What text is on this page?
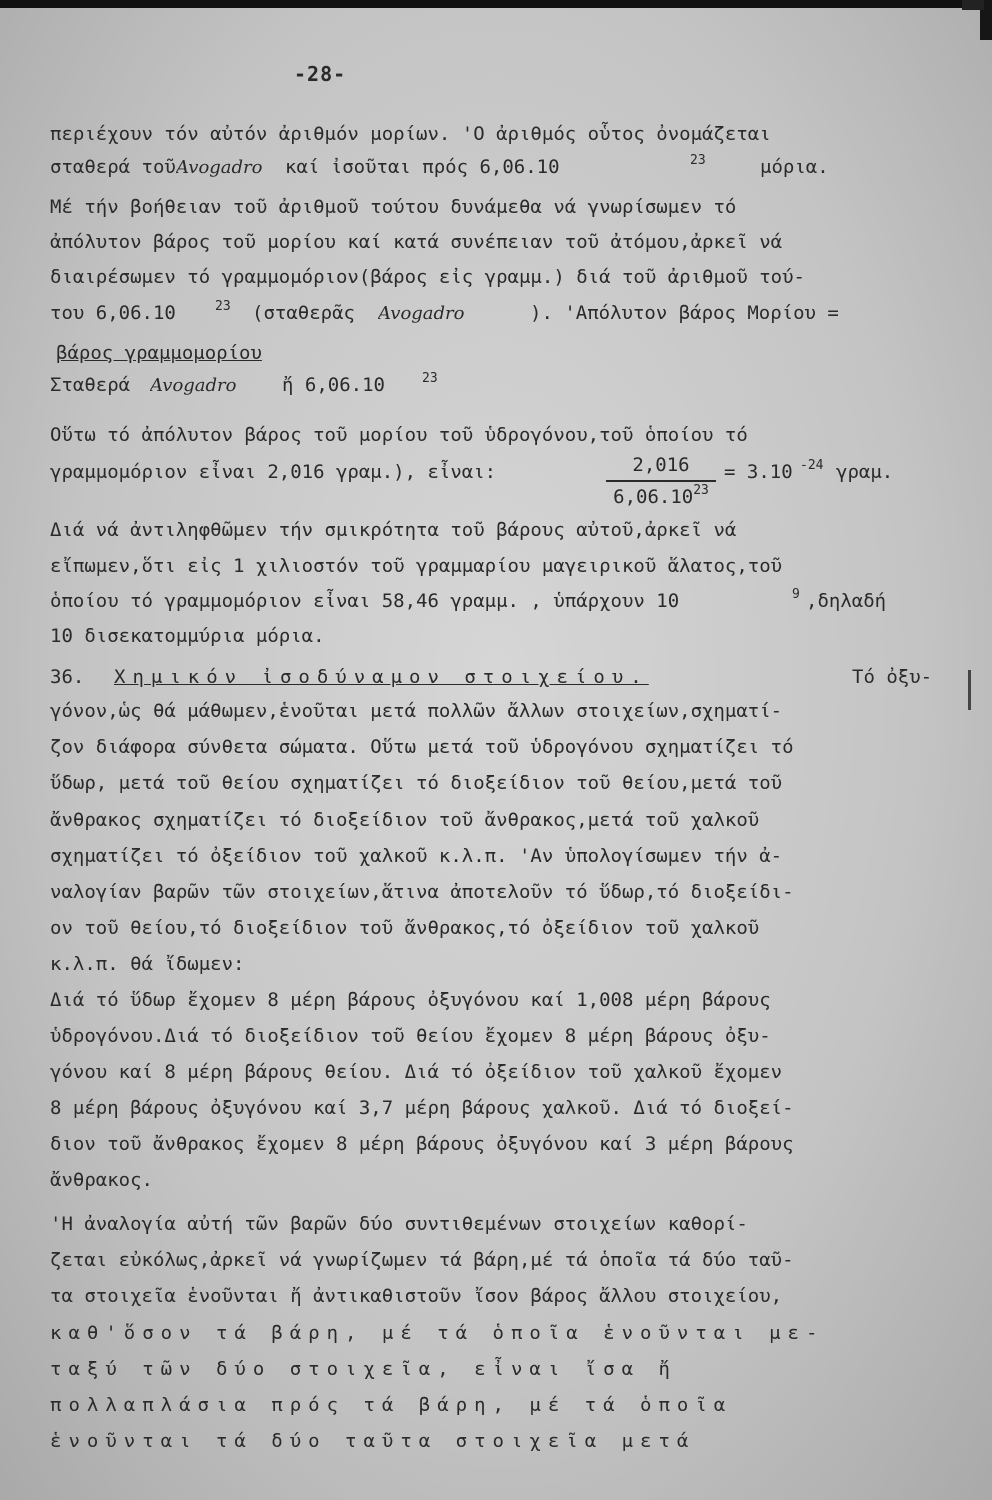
-28-
περιέχουν τόν αὐτόν ἀριθμόν μορίων. 'Ο ἀριθμός οὗτος ὀνομάζεται
σταθερά τοῦ Avogadro	καί ἰσοῦται πρός 6,06.10	$^{23}$	μόρια.
Μέ τήν βοήθειαν τοῦ ἀριθμοῦ τούτου δυνάμεθα νά γνωρίσωμεν τό
ἀπόλυτον βάρος τοῦ μορίου καί κατά συνέπειαν τοῦ ἀτόμου,ἀρκεῖ νά
διαιρέσωμεν τό γραμμομόριον(βάρος εἰς γραμμ.) διά τοῦ ἀριθμοῦ τού-
του 6,06.10	$^{23}$	(σταθερᾶς	Avogadro	). 'Απόλυτον βάρος Μορίου =
βάρος γραμμομορίου
Σταθερά	Avogadro	ἤ 6,06.10	$^{23}$
Οὕτω τό ἀπόλυτον βάρος τοῦ μορίου τοῦ ὑδρογόνου,τοῦ ὁποίου τό
γραμμομόριον εἶναι 2,016 γραμ.), εἶναι:	= 3.10 $^{-24}$ γραμ.
Διά νά ἀντιληφθῶμεν τήν σμικρότητα τοῦ βάρους αὐτοῦ,ἀρκεῖ νά
εἴπωμεν,ὅτι εἰς 1 χιλιοστόν τοῦ γραμμαρίου μαγειρικοῦ ἅλατος,τοῦ
ὁποίου τό γραμμομόριον εἶναι 58,46 γραμμ. , ὑπάρχουν 10	$^9$ ,δηλαδή
10 δισεκατομμύρια μόρια.
36.	Χημικόν ἰσοδύναμον στοιχείου.	Τό ὀξυ-
γόνον,ὡς θά μάθωμεν,ἑνοῦται μετά πολλῶν ἄλλων στοιχείων,σχηματί-
ζον διάφορα σύνθετα σώματα. Οὕτω μετά τοῦ ὑδρογόνου σχηματίζει τό
ὕδωρ, μετά τοῦ θείου σχηματίζει τό διοξείδιον τοῦ θείου,μετά τοῦ
ἄνθρακος σχηματίζει τό διοξείδιον τοῦ ἄνθρακος,μετά τοῦ χαλκοῦ
σχηματίζει τό ὀξείδιον τοῦ χαλκοῦ κ.λ.π. 'Αν ὑπολογίσωμεν τήν ἀ-
ναλογίαν βαρῶν τῶν στοιχείων,ἅτινα ἀποτελοῦν τό ὕδωρ,τό διοξείδι-
ον τοῦ θείου,τό διοξείδιον τοῦ ἄνθρακος,τό ὀξείδιον τοῦ χαλκοῦ
κ.λ.π. θά ἴδωμεν:
Διά τό ὕδωρ ἔχομεν 8 μέρη βάρους ὀξυγόνου καί 1,008 μέρη βάρους
ὑδρογόνου.Διά τό διοξείδιον τοῦ θείου ἔχομεν 8 μέρη βάρους ὀξυ-
γόνου καί 8 μέρη βάρους θείου. Διά τό ὀξείδιον τοῦ χαλκοῦ ἔχομεν
8 μέρη βάρους ὀξυγόνου καί 3,7 μέρη βάρους χαλκοῦ. Διά τό διοξεί-
διον τοῦ ἄνθρακος ἔχομεν 8 μέρη βάρους ὀξυγόνου καί 3 μέρη βάρους
ἄνθρακος.
'Η ἀναλογία αὐτή τῶν βαρῶν δύο συντιθεμένων στοιχείων καθορί-
ζεται εὐκόλως,ἀρκεῖ νά γνωρίζωμεν τά βάρη,μέ τά ὁποῖα τά δύο ταῦ-
τα στοιχεῖα ἑνοῦνται ἤ ἀντικαθιστοῦν ἴσον βάρος ἄλλου στοιχείου,
καθ'ὅσον τά βάρη, μέ τά ὁποῖα ἑνοῦνται με-
ταξύ τῶν δύο στοιχεῖα, εἶναι ἴσα ἤ
πολλαπλάσια πρός τά βάρη, μέ τά ὁποῖα
ἑνοῦνται τά δύο ταῦτα στοιχεῖα μετά
2,016
6,06.10$^{23}$
